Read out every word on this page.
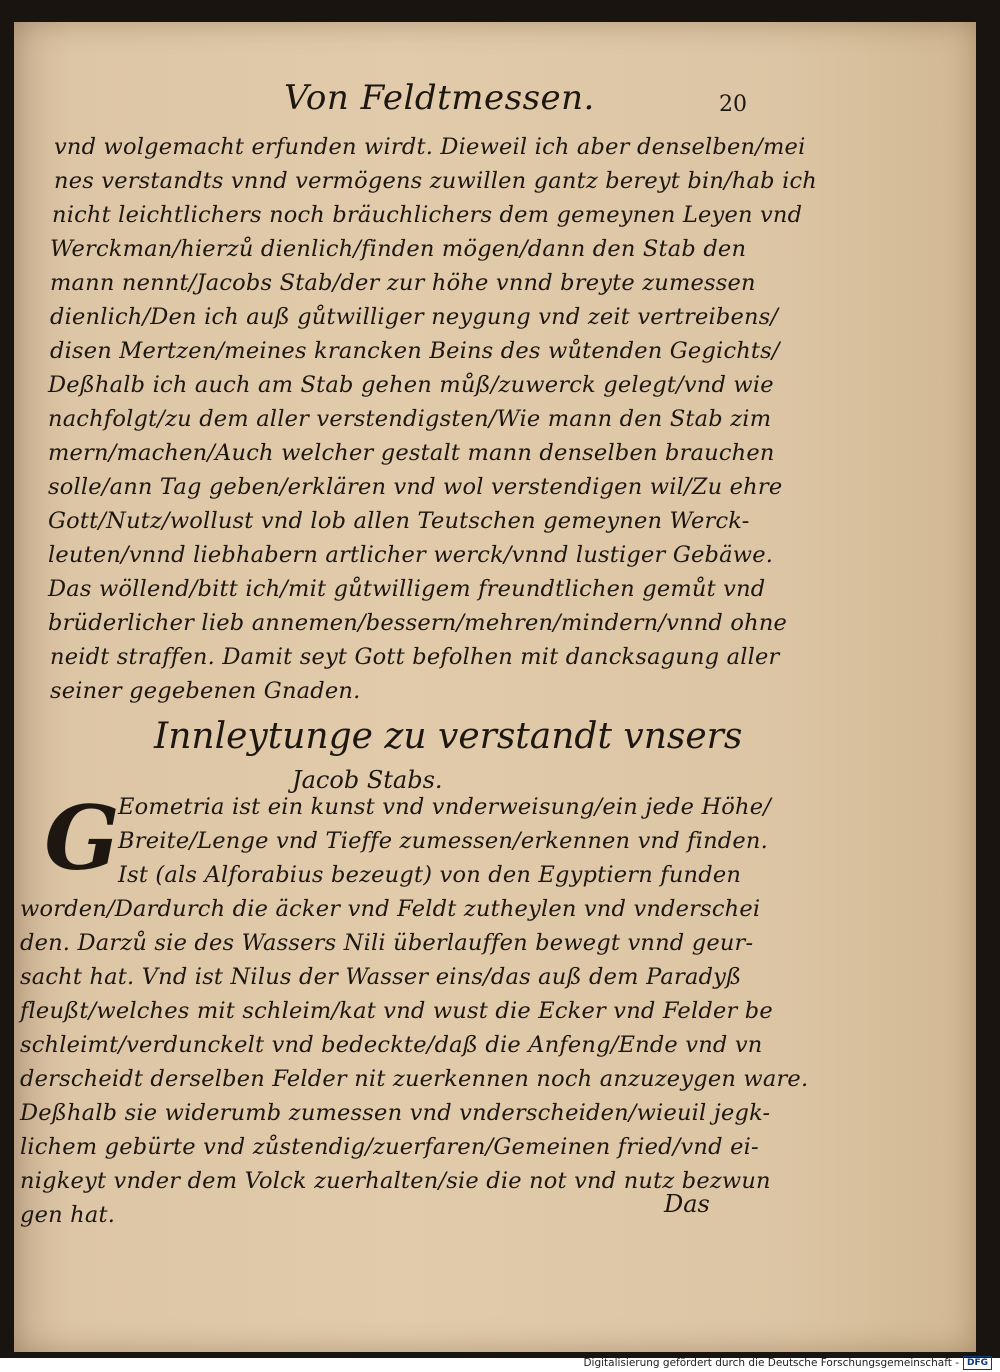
Von Feldtmessen.	20
vnd wolgemacht erfunden wirdt. Dieweil ich aber denselben/mei
nes verstandts vnnd vermögens zuwillen gantz bereyt bin/hab ich
nicht leichtlichers noch bräuchlichers dem gemeynen Leyen vnd
Werckman/hierzů dienlich/finden mögen/dann den Stab den
mann nennt/Jacobs Stab/der zur höhe vnnd breyte zumessen
dienlich/Den ich auß gůtwilliger neygung vnd zeit vertreibens/
disen Mertzen/meines krancken Beins des wůtenden Gegichts/
Deßhalb ich auch am Stab gehen můß/zuwerck gelegt/vnd wie
nachfolgt/zu dem aller verstendigsten/Wie mann den Stab zim
mern/machen/Auch welcher gestalt mann denselben brauchen
solle/ann Tag geben/erklären vnd wol verstendigen wil/Zu ehre
Gott/Nutz/wollust vnd lob allen Teutschen gemeynen Werck-
leuten/vnnd liebhabern artlicher werck/vnnd lustiger Gebäwe.
Das wöllend/bitt ich/mit gůtwilligem freundtlichen gemůt vnd
brüderlicher lieb annemen/bessern/mehren/mindern/vnnd ohne
neidt straffen. Damit seyt Gott befolhen mit dancksagung aller
seiner gegebenen Gnaden.
Innleytunge zu verstandt vnsers
Jacob Stabs.
G
Eometria ist ein kunst vnd vnderweisung/ein jede Höhe/
Breite/Lenge vnd Tieffe zumessen/erkennen vnd finden.
Ist (als Alforabius bezeugt) von den Egyptiern funden
worden/Dardurch die äcker vnd Feldt zutheylen vnd vnderschei
den. Darzů sie des Wassers Nili überlauffen bewegt vnnd geur-
sacht hat. Vnd ist Nilus der Wasser eins/das auß dem Paradyß
fleußt/welches mit schleim/kat vnd wust die Ecker vnd Felder be
schleimt/verdunckelt vnd bedeckte/daß die Anfeng/Ende vnd vn
derscheidt derselben Felder nit zuerkennen noch anzuzeygen ware.
Deßhalb sie widerumb zumessen vnd vnderscheiden/wieuil jegk-
lichem gebürte vnd zůstendig/zuerfaren/Gemeinen fried/vnd ei-
nigkeyt vnder dem Volck zuerhalten/sie die not vnd nutz bezwun
gen hat.	Das
Digitalisierung gefördert durch die Deutsche Forschungsgemeinschaft - DFG
